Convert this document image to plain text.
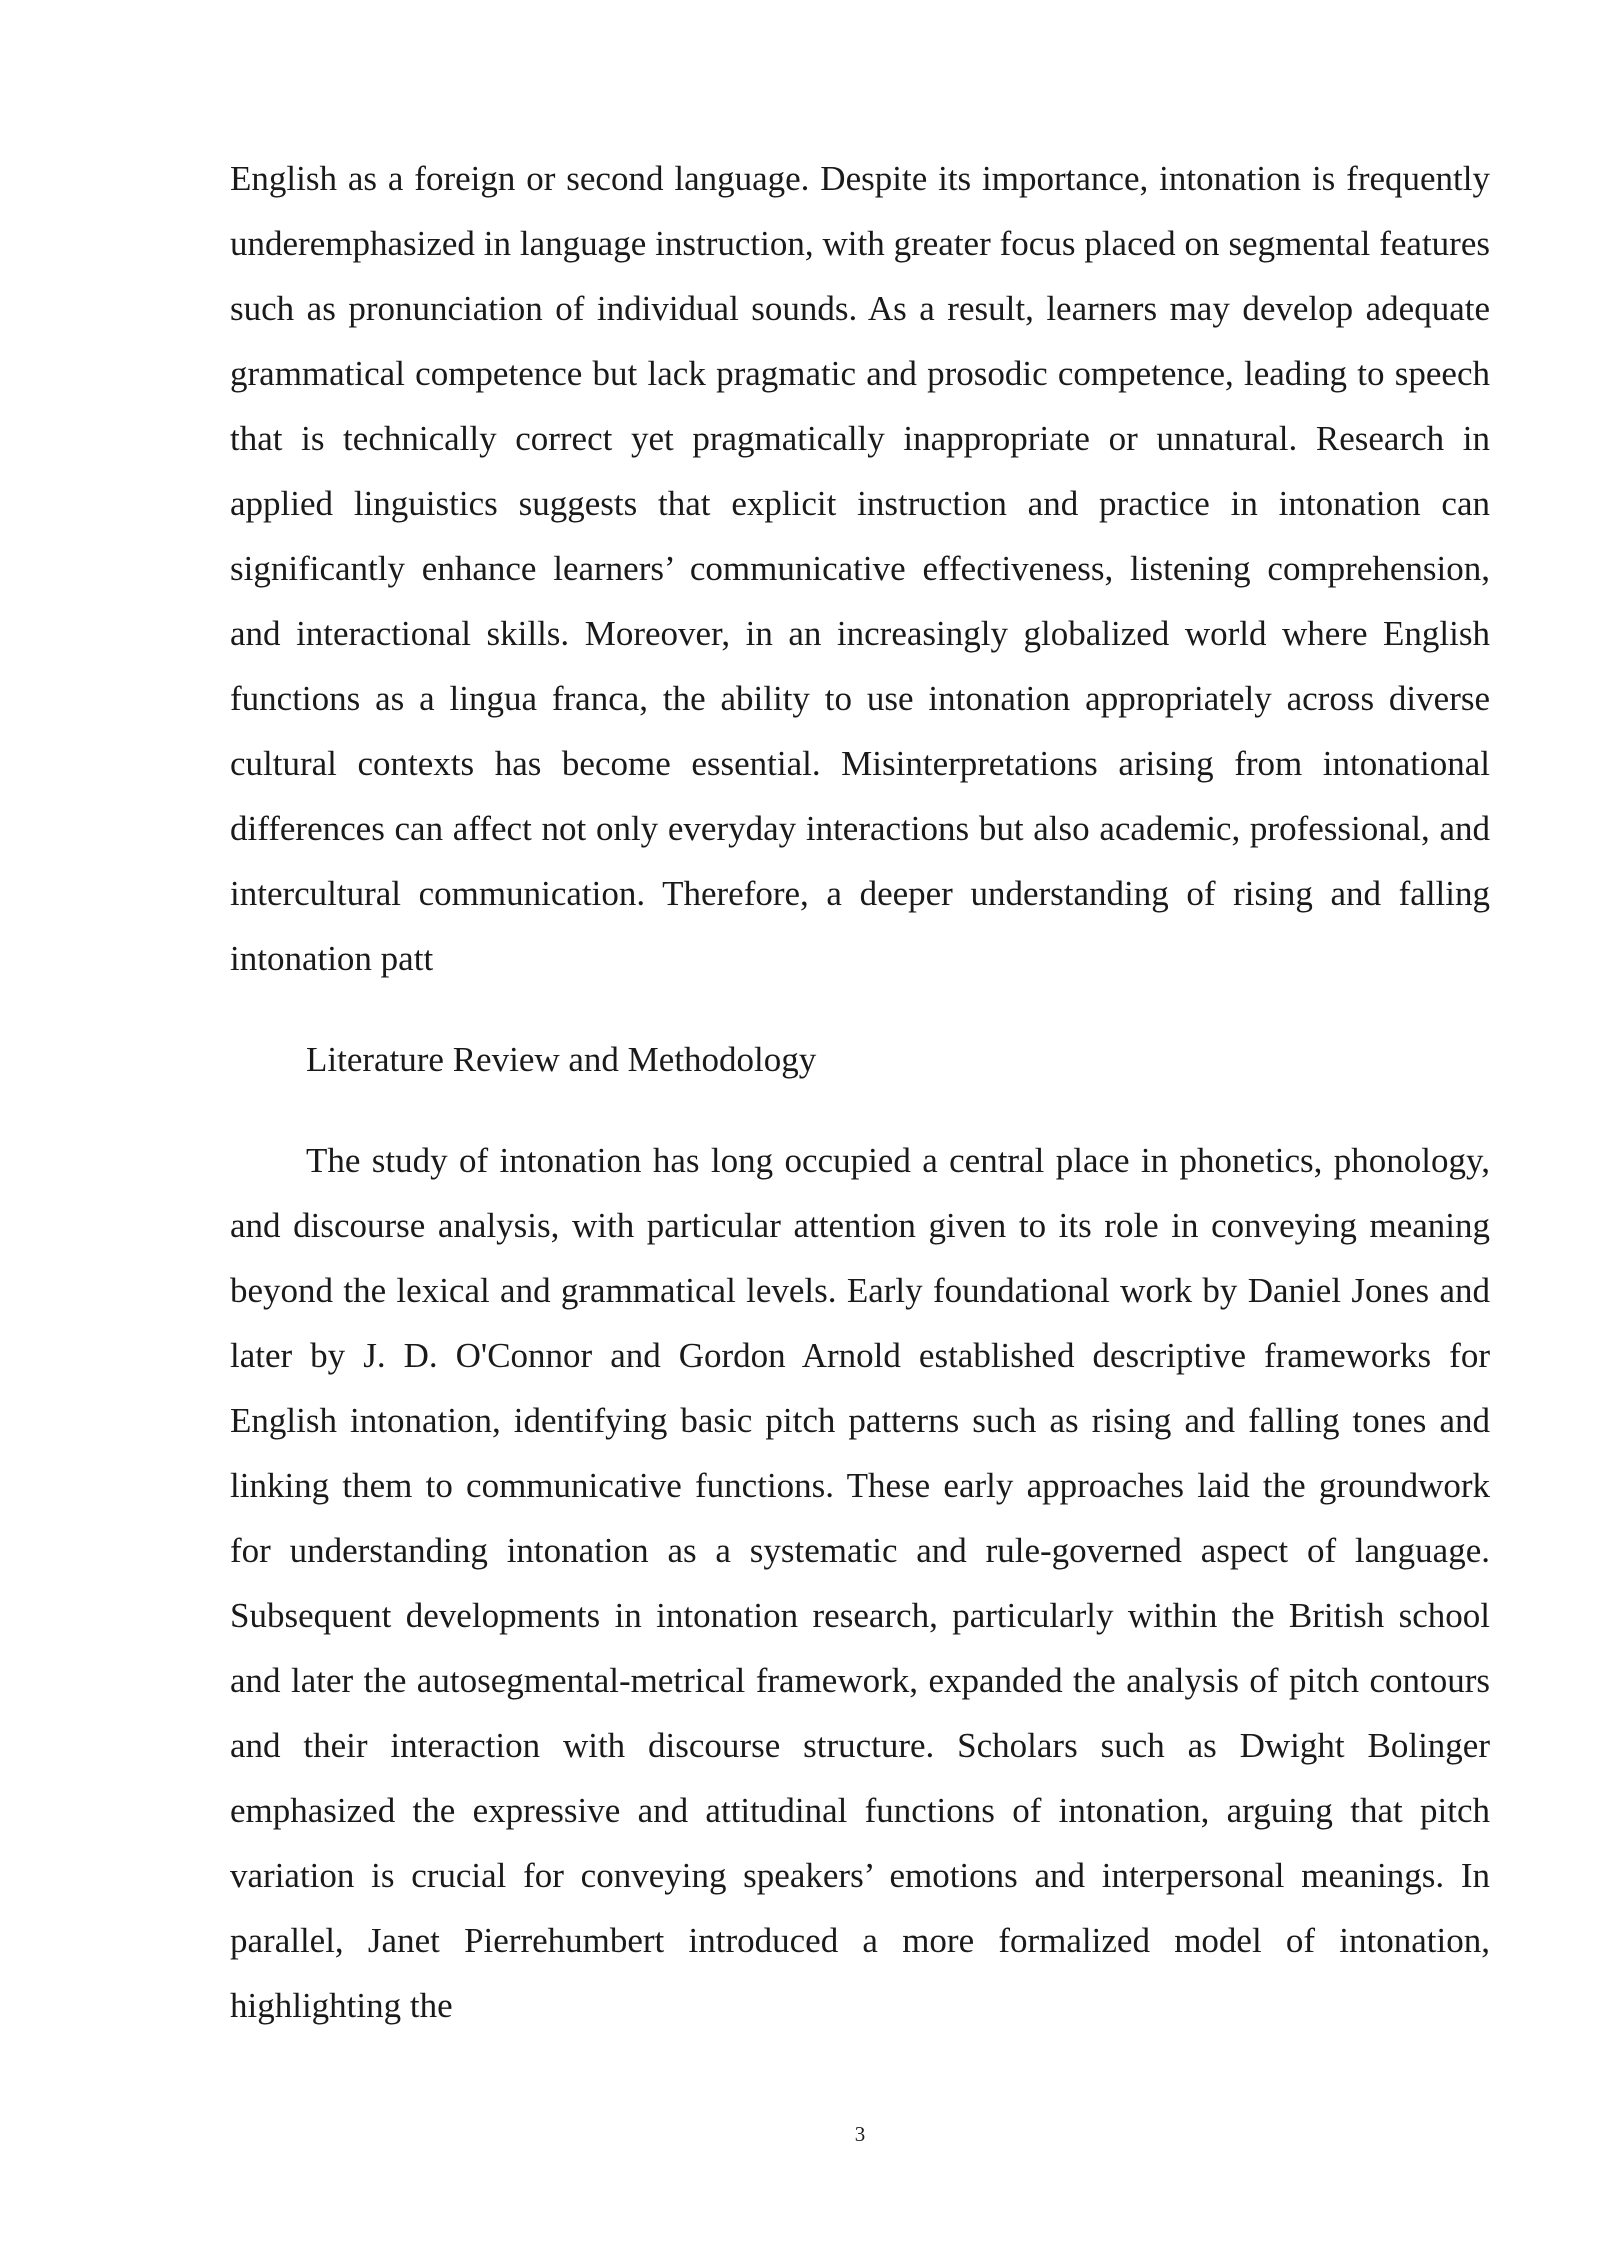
English as a foreign or second language. Despite its importance, intonation is frequently underemphasized in language instruction, with greater focus placed on segmental features such as pronunciation of individual sounds. As a result, learners may develop adequate grammatical competence but lack pragmatic and prosodic competence, leading to speech that is technically correct yet pragmatically inappropriate or unnatural. Research in applied linguistics suggests that explicit instruction and practice in intonation can significantly enhance learners’ communicative effectiveness, listening comprehension, and interactional skills. Moreover, in an increasingly globalized world where English functions as a lingua franca, the ability to use intonation appropriately across diverse cultural contexts has become essential. Misinterpretations arising from intonational differences can affect not only everyday interactions but also academic, professional, and intercultural communication. Therefore, a deeper understanding of rising and falling intonation patt

Literature Review and Methodology

The study of intonation has long occupied a central place in phonetics, phonology, and discourse analysis, with particular attention given to its role in conveying meaning beyond the lexical and grammatical levels. Early foundational work by Daniel Jones and later by J. D. O'Connor and Gordon Arnold established descriptive frameworks for English intonation, identifying basic pitch patterns such as rising and falling tones and linking them to communicative functions. These early approaches laid the groundwork for understanding intonation as a systematic and rule-governed aspect of language. Subsequent developments in intonation research, particularly within the British school and later the autosegmental-metrical framework, expanded the analysis of pitch contours and their interaction with discourse structure. Scholars such as Dwight Bolinger emphasized the expressive and attitudinal functions of intonation, arguing that pitch variation is crucial for conveying speakers’ emotions and interpersonal meanings. In parallel, Janet Pierrehumbert introduced a more formalized model of intonation, highlighting the

3
